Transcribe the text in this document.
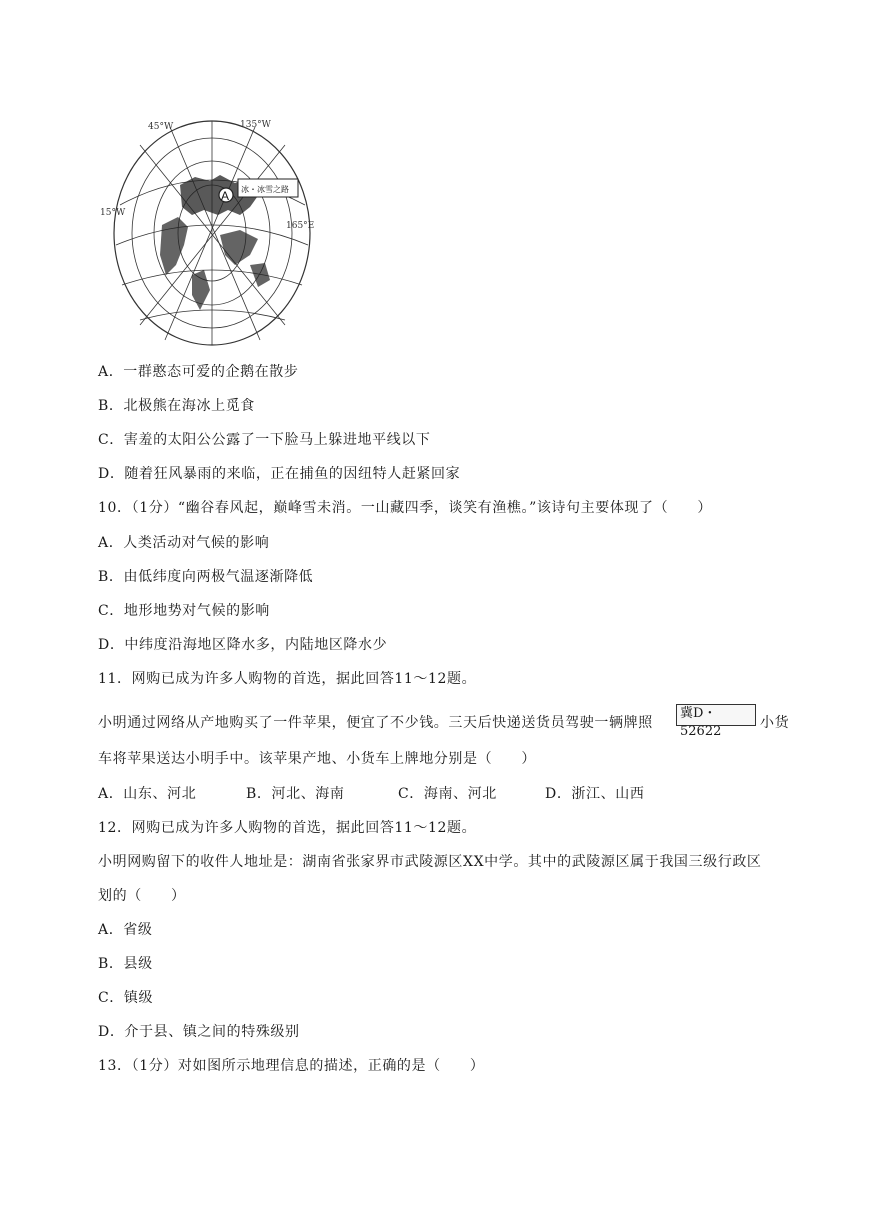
A 冰・冰雪之路
45°W	135°W
15°W
165°E
A．一群憨态可爱的企鹅在散步
B．北极熊在海冰上觅食
C．害羞的太阳公公露了一下脸马上躲进地平线以下
D．随着狂风暴雨的来临，正在捕鱼的因纽特人赶紧回家
10．（1分）“幽谷春风起，巅峰雪未消。一山藏四季，谈笑有渔樵。”该诗句主要体现了（　　）
A．人类活动对气候的影响
B．由低纬度向两极气温逐渐降低
C．地形地势对气候的影响
D．中纬度沿海地区降水多，内陆地区降水少
11．网购已成为许多人购物的首选，据此回答11～12题。
小明通过网络从产地购买了一件苹果，便宜了不少钱。三天后快递送货员驾驶一辆牌照
冀D・52622
小货
车将苹果送达小明手中。该苹果产地、小货车上牌地分别是（　　）
A．山东、河北	B．河北、海南	C．海南、河北	D．浙江、山西
12．网购已成为许多人购物的首选，据此回答11～12题。
小明网购留下的收件人地址是：湖南省张家界市武陵源区XX中学。其中的武陵源区属于我国三级行政区
划的（　　）
A．省级
B．县级
C．镇级
D．介于县、镇之间的特殊级别
13．（1分）对如图所示地理信息的描述，正确的是（　　）
